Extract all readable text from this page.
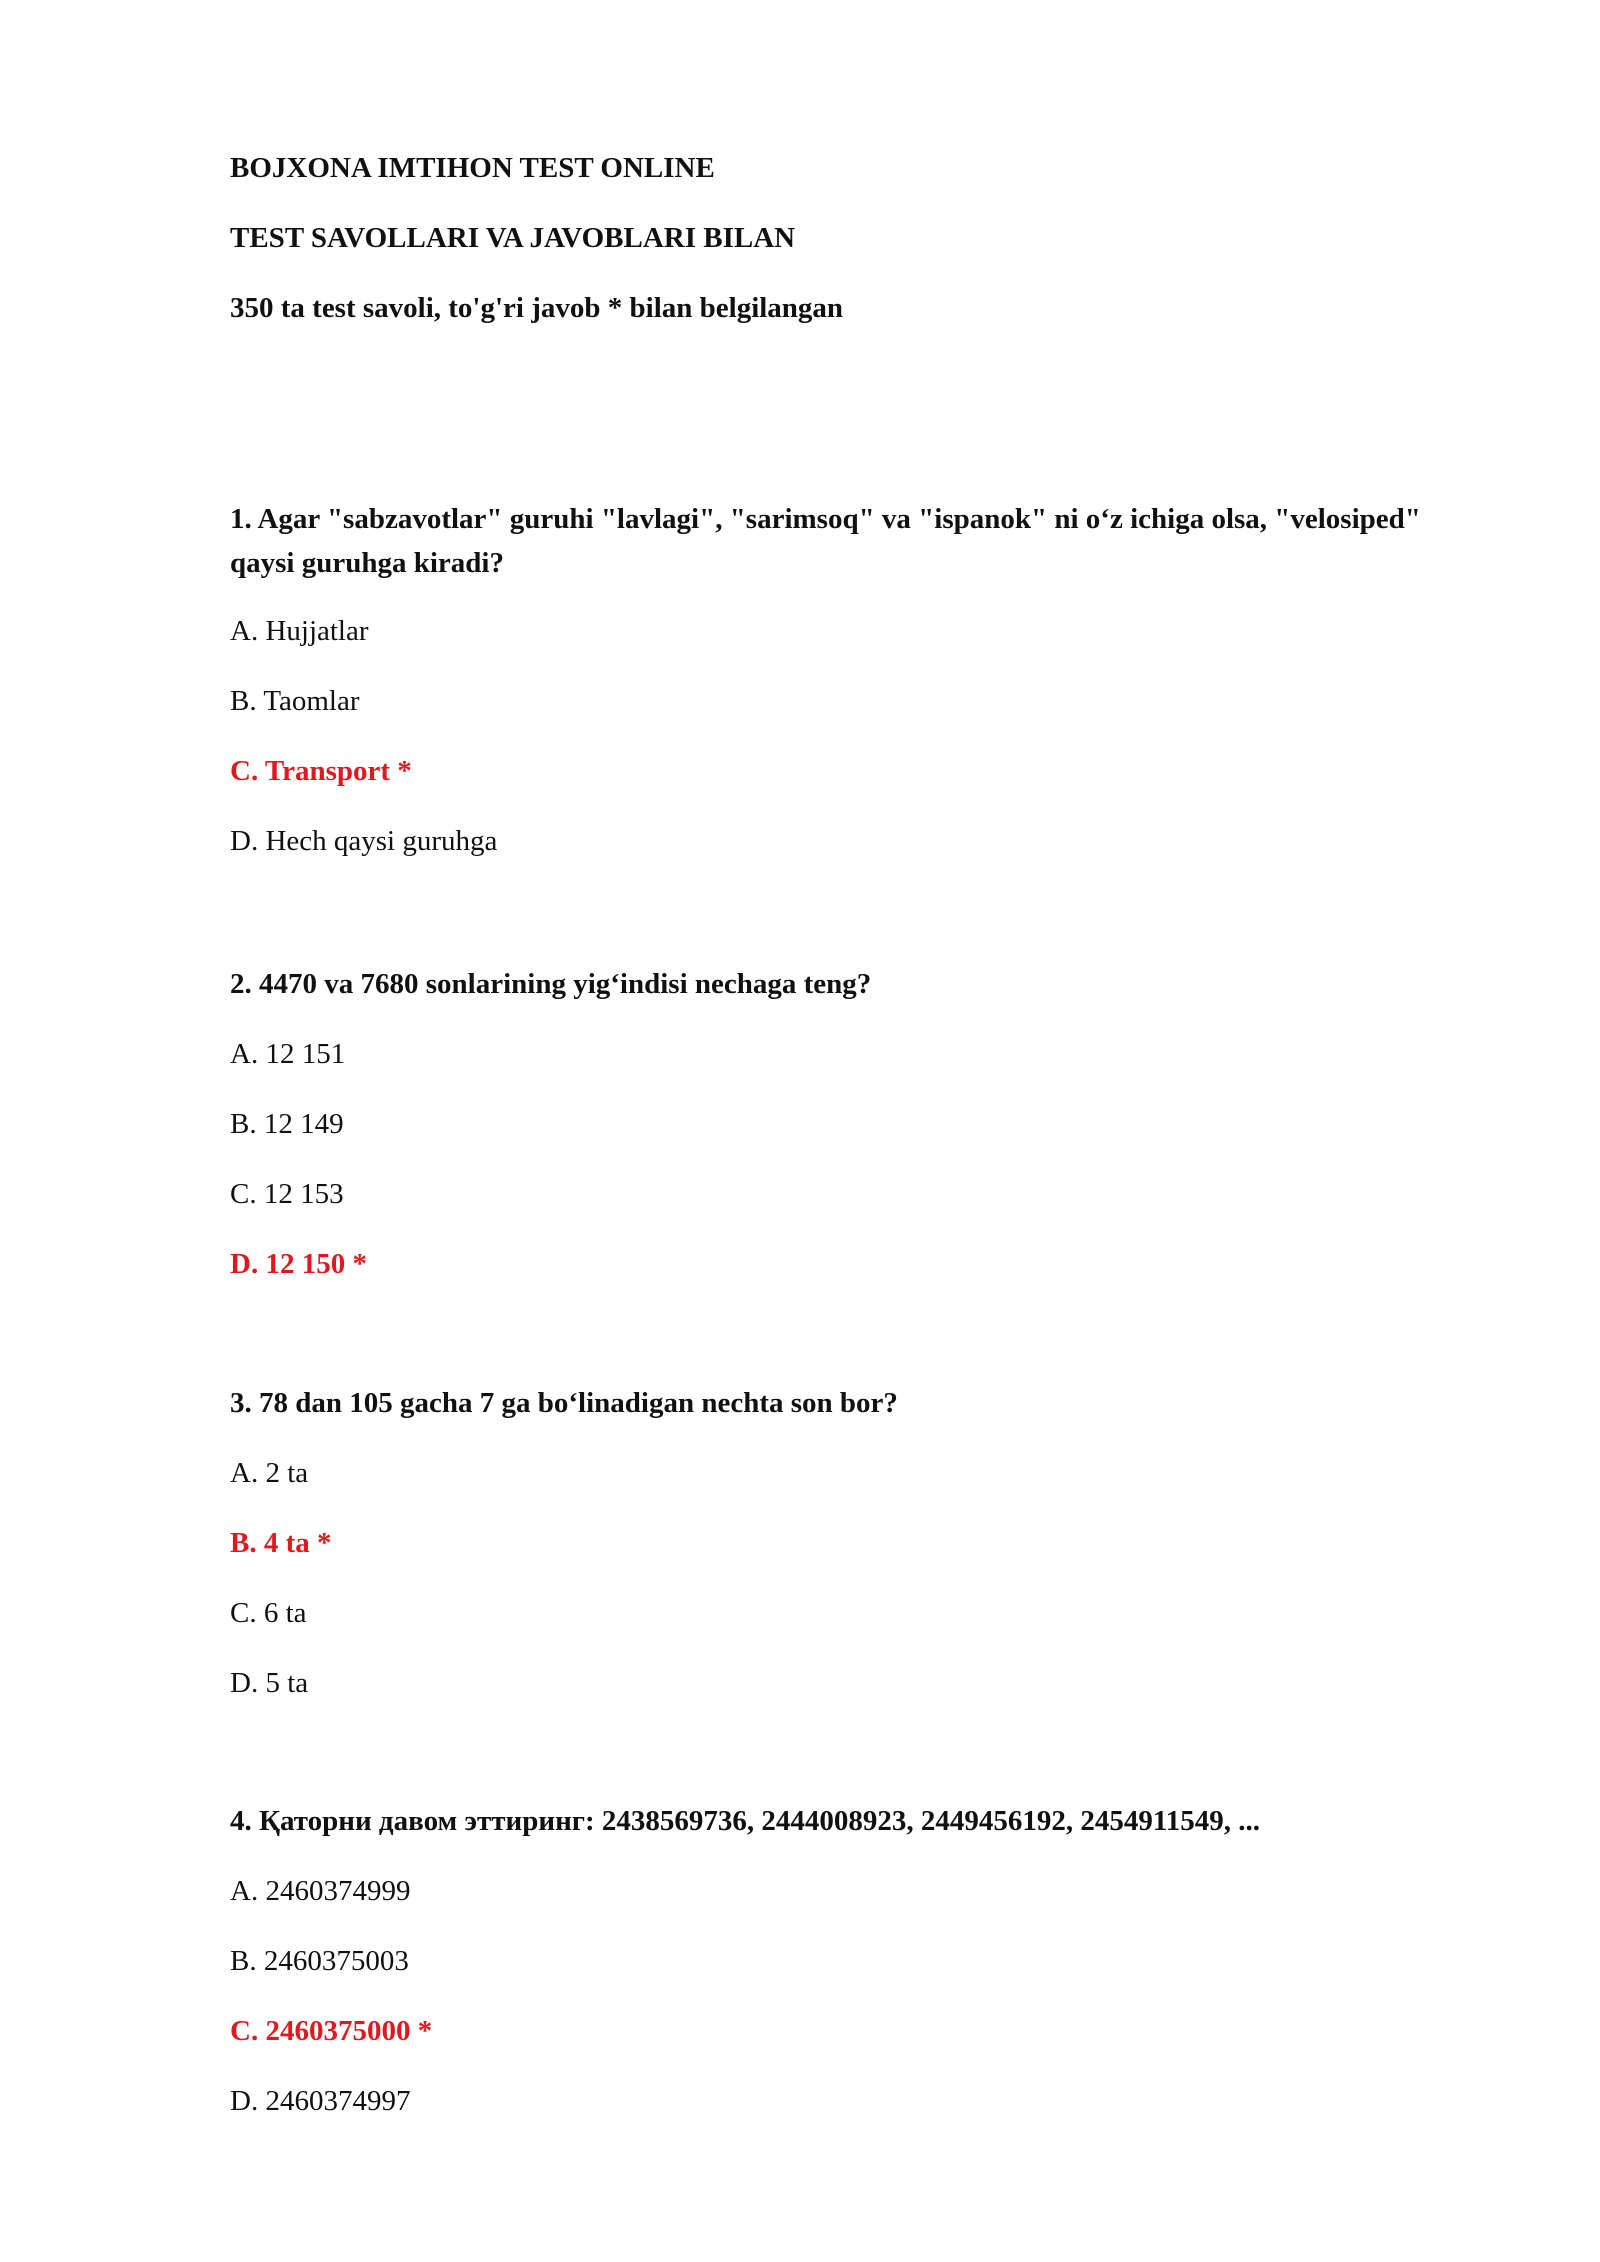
BOJXONA IMTIHON TEST ONLINE
TEST SAVOLLARI VA JAVOBLARI BILAN
350 ta test savoli, to'g'ri javob * bilan belgilangan

1. Agar "sabzavotlar" guruhi "lavlagi", "sarimsoq" va "ispanok" ni o‘z ichiga olsa, "velosiped" qaysi guruhga kiradi?

A. Hujjatlar
B. Taomlar
C. Transport *
D. Hech qaysi guruhga

2. 4470 va 7680 sonlarining yig‘indisi nechaga teng?

A. 12 151
B. 12 149
C. 12 153
D. 12 150 *

3. 78 dan 105 gacha 7 ga bo‘linadigan nechta son bor?

A. 2 ta
B. 4 ta *
C. 6 ta
D. 5 ta

4. Қаторни давом эттиринг: 2438569736, 2444008923, 2449456192, 2454911549, ...

A. 2460374999
B. 2460375003
C. 2460375000 *
D. 2460374997
